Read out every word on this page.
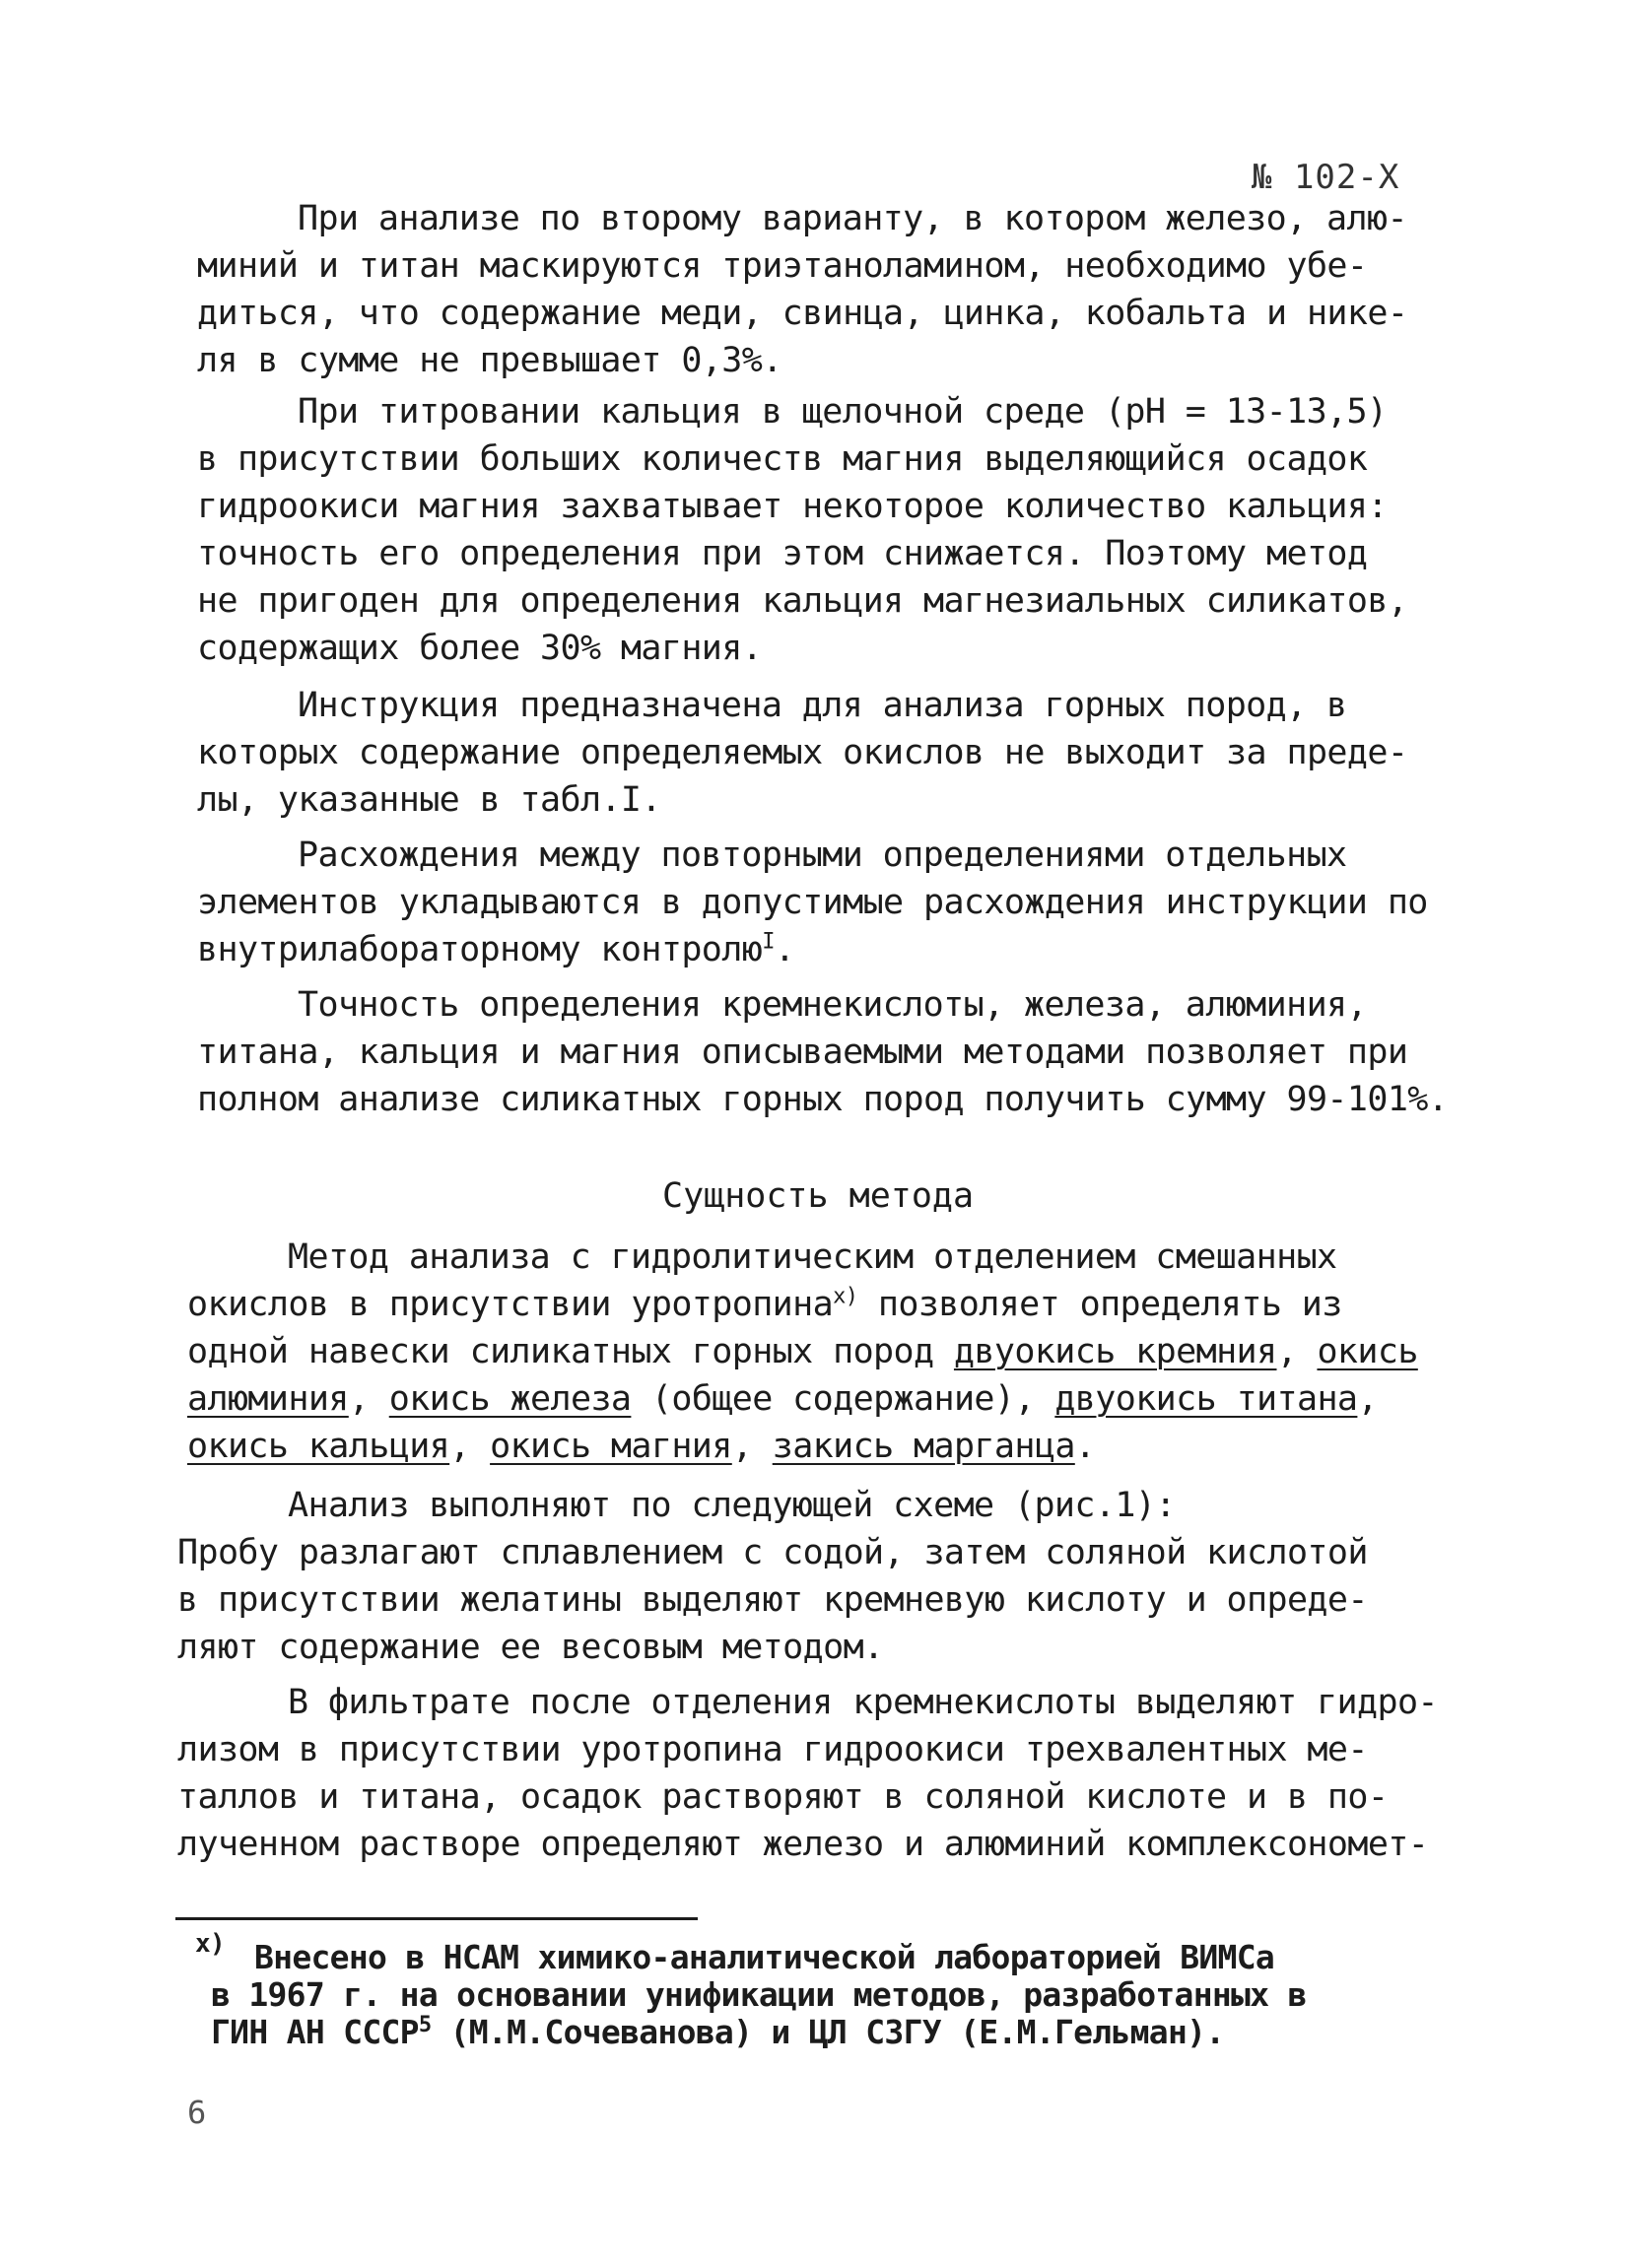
№ 102-Х
При анализе по второму варианту, в котором железо, алю-
миний и титан маскируются триэтаноламином, необходимо убе-
диться, что содержание меди, свинца, цинка, кобальта и нике-
ля в сумме не превышает 0,3%.
При титровании кальция в щелочной среде (pH = 13-13,5)
в присутствии больших количеств магния выделяющийся осадок
гидроокиси магния захватывает некоторое количество кальция:
точность его определения при этом снижается. Поэтому метод
не пригоден для определения кальция магнезиальных силикатов,
содержащих более 30% магния.
Инструкция предназначена для анализа горных пород, в
которых содержание определяемых окислов не выходит за преде-
лы, указанные в табл.I.
Расхождения между повторными определениями отдельных
элементов укладываются в допустимые расхождения инструкции по
внутрилабораторному контролю$^I$.
Точность определения кремнекислоты, железа, алюминия,
титана, кальция и магния описываемыми методами позволяет при
полном анализе силикатных горных пород получить сумму 99-101%.
Сущность метода
Метод анализа с гидролитическим отделением смешанных
окислов в присутствии уротропина$^{х)}$ позволяет определять из
одной навески силикатных горных пород двуокись кремния, окись
алюминия, окись железа (общее содержание), двуокись титана,
окись кальция, окись магния, закись марганца.
Анализ выполняют по следующей схеме (рис.1):
Пробу разлагают сплавлением с содой, затем соляной кислотой
в присутствии желатины выделяют кремневую кислоту и опреде-
ляют содержание ее весовым методом.
В фильтрате после отделения кремнекислоты выделяют гидро-
лизом в присутствии уротропина гидроокиси трехвалентных ме-
таллов и титана, осадок растворяют в соляной кислоте и в по-
лученном растворе определяют железо и алюминий комплексономет-
х) Внесено в НСАМ химико-аналитической лабораторией ВИМСа
в 1967 г. на основании унификации методов, разработанных в
ГИН АН СССР$^5$ (М.М.Сочеванова) и ЦЛ СЗГУ (Е.М.Гельман).
6
